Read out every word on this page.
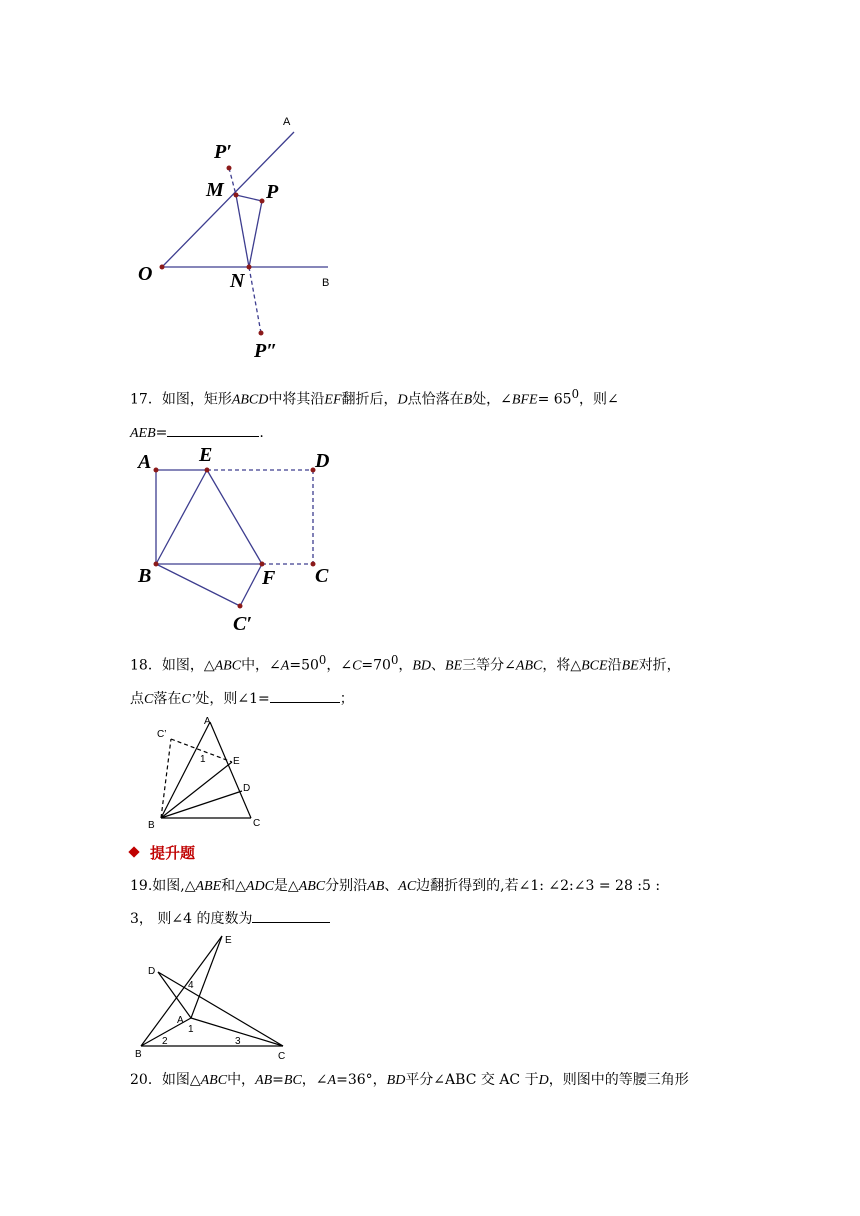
A
B
O
M
N
P
P′
P″
17．如图，矩形ABCD中将其沿EF翻折后，D点恰落在B处，∠BFE= $65^0$，则∠
AEB=	.
A E	D
B	F C
C′
18．如图，△ABC中，$\angle A=50^0$，$\angle C=70^0$，BD、BE三等分∠ABC，将△BCE沿BE对折，
点C落在C’处，则∠1=	；
C’
A
E
D
B	C
1
提升题
19.如图,△ABE和△ADC是△ABC分别沿AB、AC边翻折得到的,若∠1: ∠2:∠3 = 28 :5 :
3， 则∠4 的度数为
E
D
A
B	C
1
2	3
4
20．如图△ABC中，AB=BC，∠A=36°，BD平分∠ABC 交 AC 于D，则图中的等腰三角形
